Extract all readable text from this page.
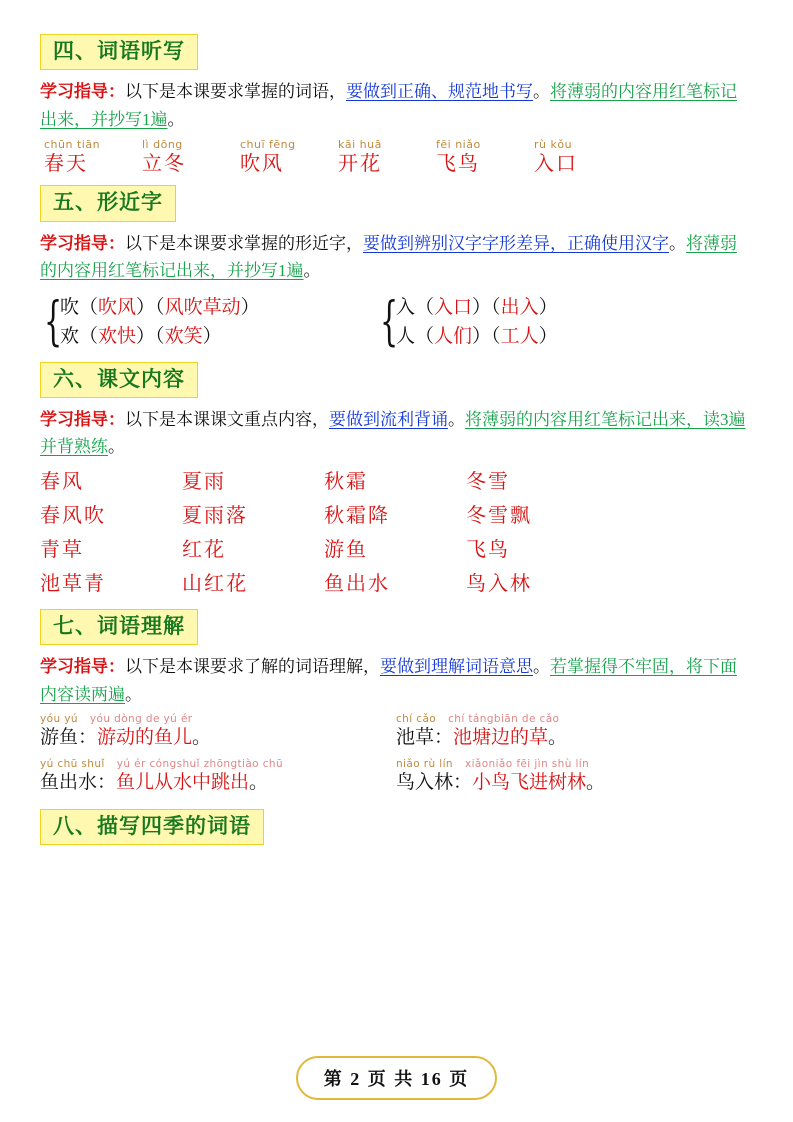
四、词语听写
学习指导：以下是本课要求掌握的词语，要做到正确、规范地书写。将薄弱的内容用红笔标记出来，并抄写1遍。
chūn tiān
春天
lì dōng
立冬
chuī fēng
吹风
kāi huā
开花
fēi niǎo
飞鸟
rù kǒu
入口
五、形近字
学习指导：以下是本课要求掌握的形近字，要做到辨别汉字字形差异，正确使用汉字。将薄弱的内容用红笔标记出来，并抄写1遍。
{
吹（吹风）（风吹草动）
欢（欢快）（欢笑）	{
入（入口）（出入）
人（人们）（工人）
六、课文内容
学习指导：以下是本课课文重点内容，要做到流利背诵。将薄弱的内容用红笔标记出来，读3遍并背熟练。
春风	夏雨	秋霜	冬雪
春风吹	夏雨落	秋霜降	冬雪飘
青草	红花	游鱼	飞鸟
池草青	山红花	鱼出水	鸟入林
七、词语理解
学习指导：以下是本课要求了解的词语理解，要做到理解词语意思。若掌握得不牢固，将下面内容读两遍。
yóu yú yóu dòng de yú ér
游鱼：游动的鱼儿。
chí cǎo chí tángbiān de cǎo
池草：池塘边的草。
yú chū shuǐ yú ér cóngshuǐ zhōngtiào chū
鱼出水：鱼儿从水中跳出。
niǎo rù lín xiǎoniǎo fēi jìn shù lín
鸟入林：小鸟飞进树林。
八、描写四季的词语
第 2 页 共 16 页
